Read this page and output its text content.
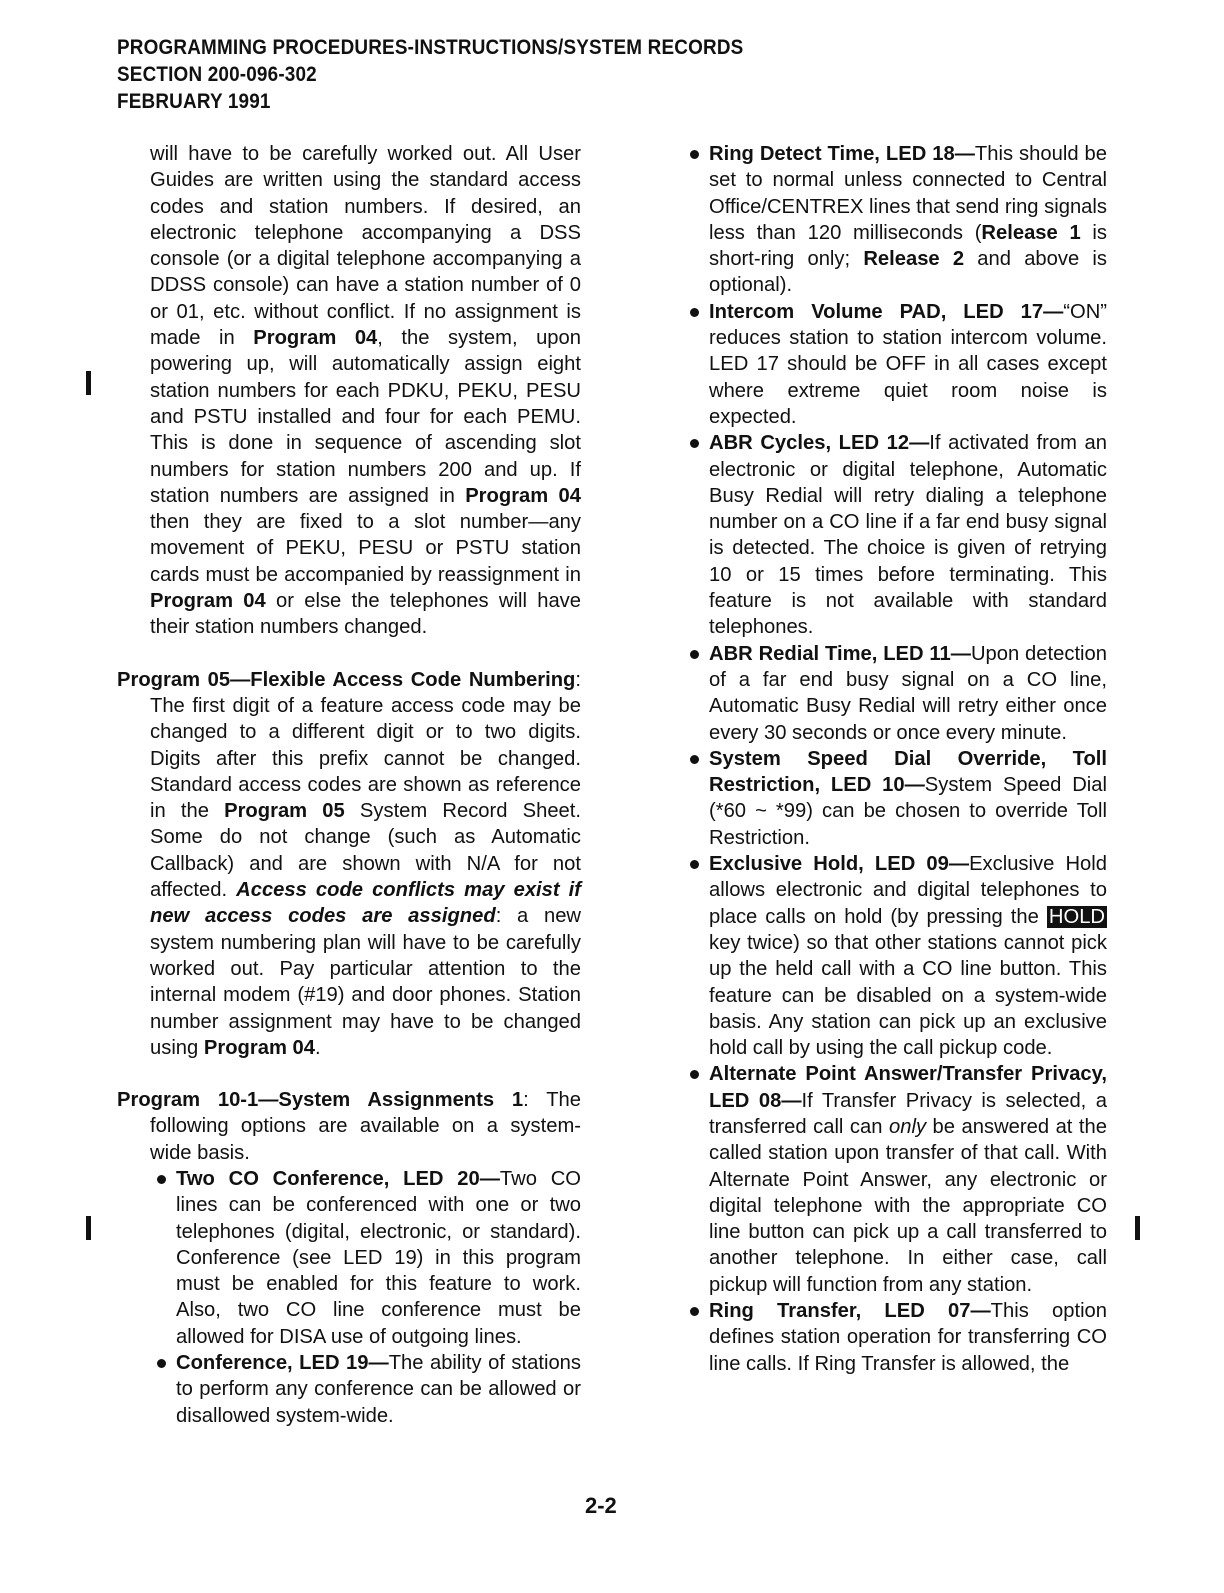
PROGRAMMING PROCEDURES-INSTRUCTIONS/SYSTEM RECORDS
SECTION 200-096-302
FEBRUARY 1991

will have to be carefully worked out. All User Guides are written using the standard access codes and station numbers. If desired, an electronic telephone accompanying a DSS console (or a digital telephone accompanying a DDSS console) can have a station number of 0 or 01, etc. without conflict. If no assignment is made in Program 04, the system, upon powering up, will automatically assign eight station numbers for each PDKU, PEKU, PESU and PSTU installed and four for each PEMU. This is done in sequence of ascending slot numbers for station numbers 200 and up. If station numbers are assigned in Program 04 then they are fixed to a slot number—any movement of PEKU, PESU or PSTU station cards must be accompanied by reassignment in Program 04 or else the telephones will have their station numbers changed.

Program 05—Flexible Access Code Numbering: The first digit of a feature access code may be changed to a different digit or to two digits. Digits after this prefix cannot be changed. Standard access codes are shown as reference in the Program 05 System Record Sheet. Some do not change (such as Automatic Callback) and are shown with N/A for not affected. Access code conflicts may exist if new access codes are assigned: a new system numbering plan will have to be carefully worked out. Pay particular attention to the internal modem (#19) and door phones. Station number assignment may have to be changed using Program 04.

Program 10-1—System Assignments 1: The following options are available on a system-wide basis.

Two CO Conference, LED 20—Two CO lines can be conferenced with one or two telephones (digital, electronic, or standard). Conference (see LED 19) in this program must be enabled for this feature to work. Also, two CO line conference must be allowed for DISA use of outgoing lines.
Conference, LED 19—The ability of stations to perform any conference can be allowed or disallowed system-wide.
Ring Detect Time, LED 18—This should be set to normal unless connected to Central Office/CENTREX lines that send ring signals less than 120 milliseconds (Release 1 is short-ring only; Release 2 and above is optional).
Intercom Volume PAD, LED 17—“ON” reduces station to station intercom volume. LED 17 should be OFF in all cases except where extreme quiet room noise is expected.
ABR Cycles, LED 12—If activated from an electronic or digital telephone, Automatic Busy Redial will retry dialing a telephone number on a CO line if a far end busy signal is detected. The choice is given of retrying 10 or 15 times before terminating. This feature is not available with standard telephones.
ABR Redial Time, LED 11—Upon detection of a far end busy signal on a CO line, Automatic Busy Redial will retry either once every 30 seconds or once every minute.
System Speed Dial Override, Toll Restriction, LED 10—System Speed Dial (*60 ~ *99) can be chosen to override Toll Restriction.
Exclusive Hold, LED 09—Exclusive Hold allows electronic and digital telephones to place calls on hold (by pressing the HOLD key twice) so that other stations cannot pick up the held call with a CO line button. This feature can be disabled on a system-wide basis. Any station can pick up an exclusive hold call by using the call pickup code.
Alternate Point Answer/Transfer Privacy, LED 08—If Transfer Privacy is selected, a transferred call can only be answered at the called station upon transfer of that call. With Alternate Point Answer, any electronic or digital telephone with the appropriate CO line button can pick up a call transferred to another telephone. In either case, call pickup will function from any station.
Ring Transfer, LED 07—This option defines station operation for transferring CO line calls. If Ring Transfer is allowed, the
2-2
